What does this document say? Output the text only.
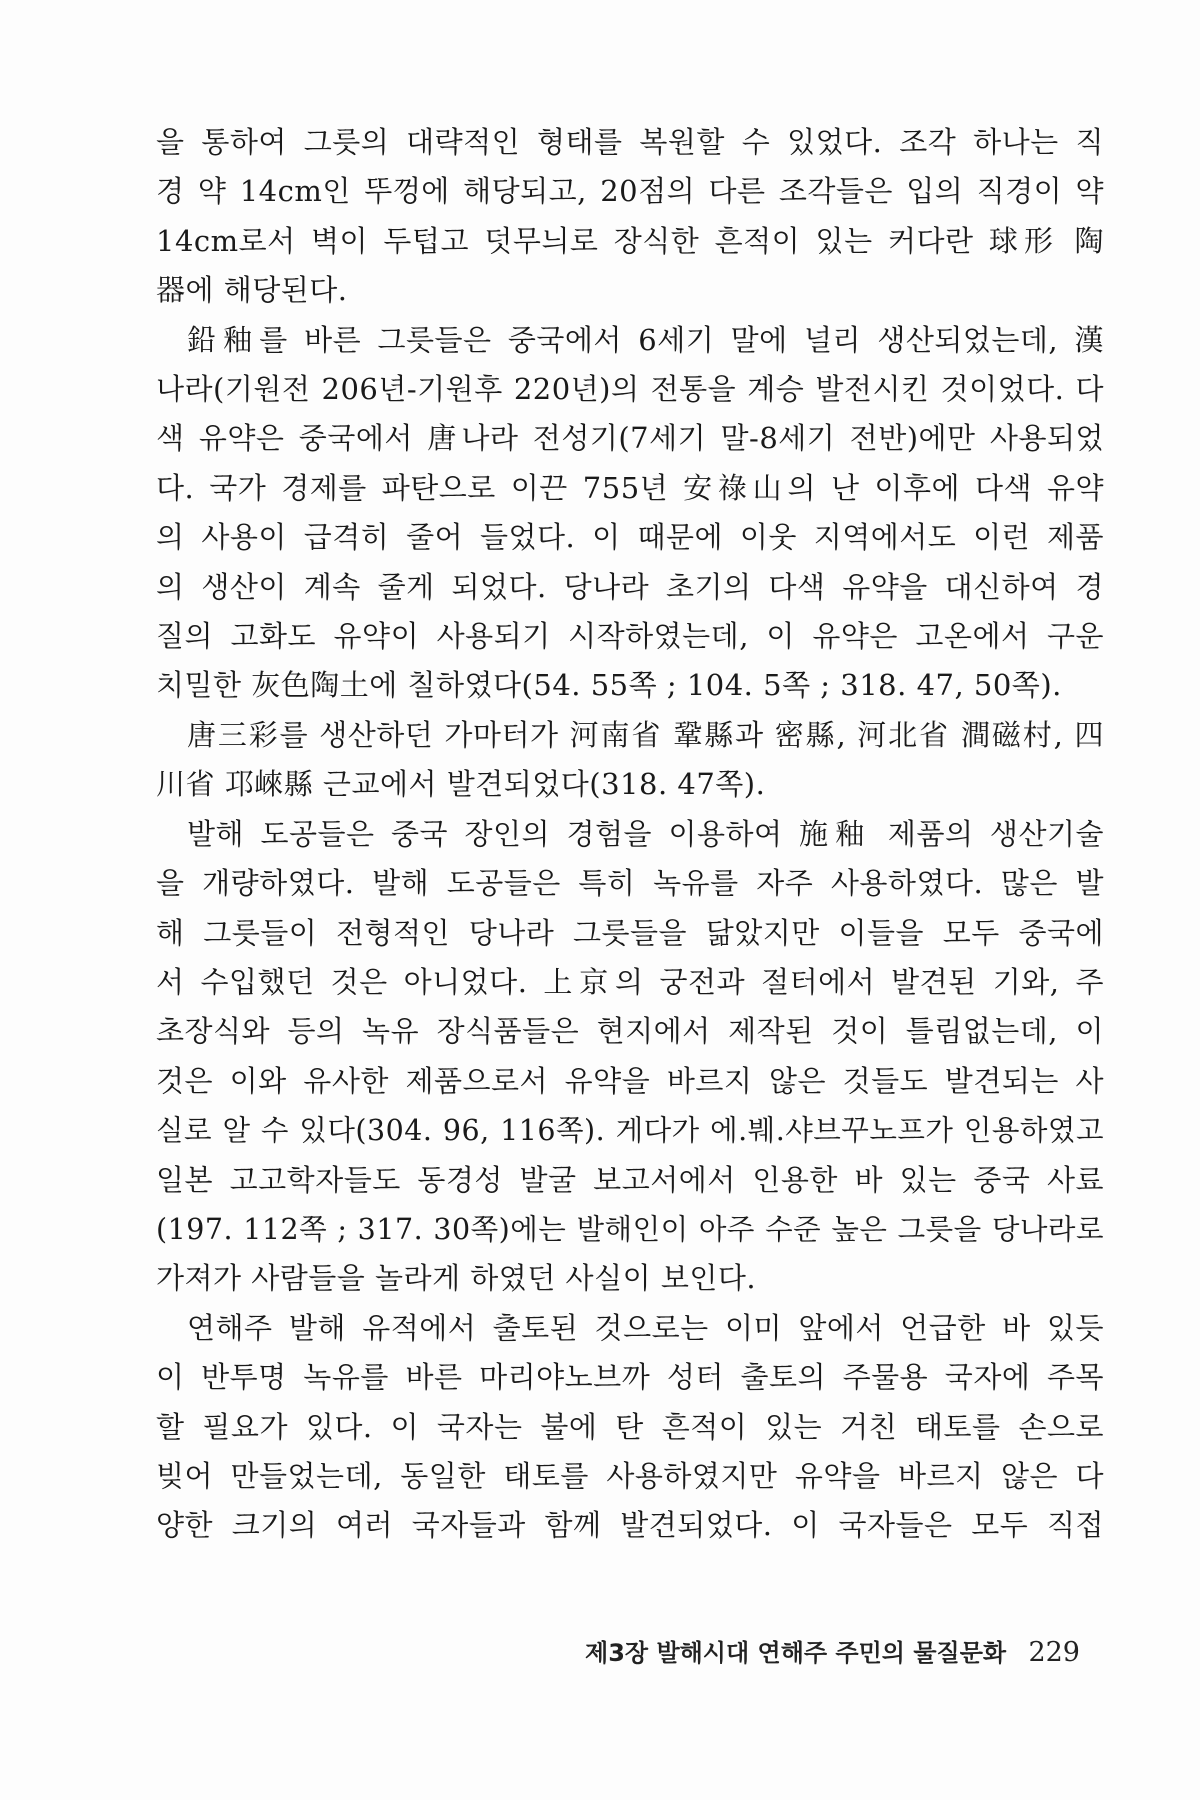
을 통하여 그릇의 대략적인 형태를 복원할 수 있었다. 조각 하나는 직
경 약 14cm인 뚜껑에 해당되고, 20점의 다른 조각들은 입의 직경이 약
14cm로서 벽이 두텁고 덧무늬로 장식한 흔적이 있는 커다란 球形 陶
器에 해당된다.

鉛釉를 바른 그릇들은 중국에서 6세기 말에 널리 생산되었는데, 漢
나라(기원전 206년-기원후 220년)의 전통을 계승 발전시킨 것이었다. 다
색 유약은 중국에서 唐나라 전성기(7세기 말-8세기 전반)에만 사용되었
다. 국가 경제를 파탄으로 이끈 755년 安祿山의 난 이후에 다색 유약
의 사용이 급격히 줄어 들었다. 이 때문에 이웃 지역에서도 이런 제품
의 생산이 계속 줄게 되었다. 당나라 초기의 다색 유약을 대신하여 경
질의 고화도 유약이 사용되기 시작하였는데, 이 유약은 고온에서 구운
치밀한 灰色陶土에 칠하였다(54. 55쪽 ; 104. 5쪽 ; 318. 47, 50쪽).

唐三彩를 생산하던 가마터가 河南省 鞏縣과 密縣, 河北省 澗磁村, 四
川省 邛崍縣 근교에서 발견되었다(318. 47쪽).

발해 도공들은 중국 장인의 경험을 이용하여 施釉 제품의 생산기술
을 개량하였다. 발해 도공들은 특히 녹유를 자주 사용하였다. 많은 발
해 그릇들이 전형적인 당나라 그릇들을 닮았지만 이들을 모두 중국에
서 수입했던 것은 아니었다. 上京의 궁전과 절터에서 발견된 기와, 주
초장식와 등의 녹유 장식품들은 현지에서 제작된 것이 틀림없는데, 이
것은 이와 유사한 제품으로서 유약을 바르지 않은 것들도 발견되는 사
실로 알 수 있다(304. 96, 116쪽). 게다가 에.붸.샤브꾸노프가 인용하였고
일본 고고학자들도 동경성 발굴 보고서에서 인용한 바 있는 중국 사료
(197. 112쪽 ; 317. 30쪽)에는 발해인이 아주 수준 높은 그릇을 당나라로
가져가 사람들을 놀라게 하였던 사실이 보인다.

연해주 발해 유적에서 출토된 것으로는 이미 앞에서 언급한 바 있듯
이 반투명 녹유를 바른 마리야노브까 성터 출토의 주물용 국자에 주목
할 필요가 있다. 이 국자는 불에 탄 흔적이 있는 거친 태토를 손으로
빚어 만들었는데, 동일한 태토를 사용하였지만 유약을 바르지 않은 다
양한 크기의 여러 국자들과 함께 발견되었다. 이 국자들은 모두 직접

제3장 발해시대 연해주 주민의 물질문화 229
